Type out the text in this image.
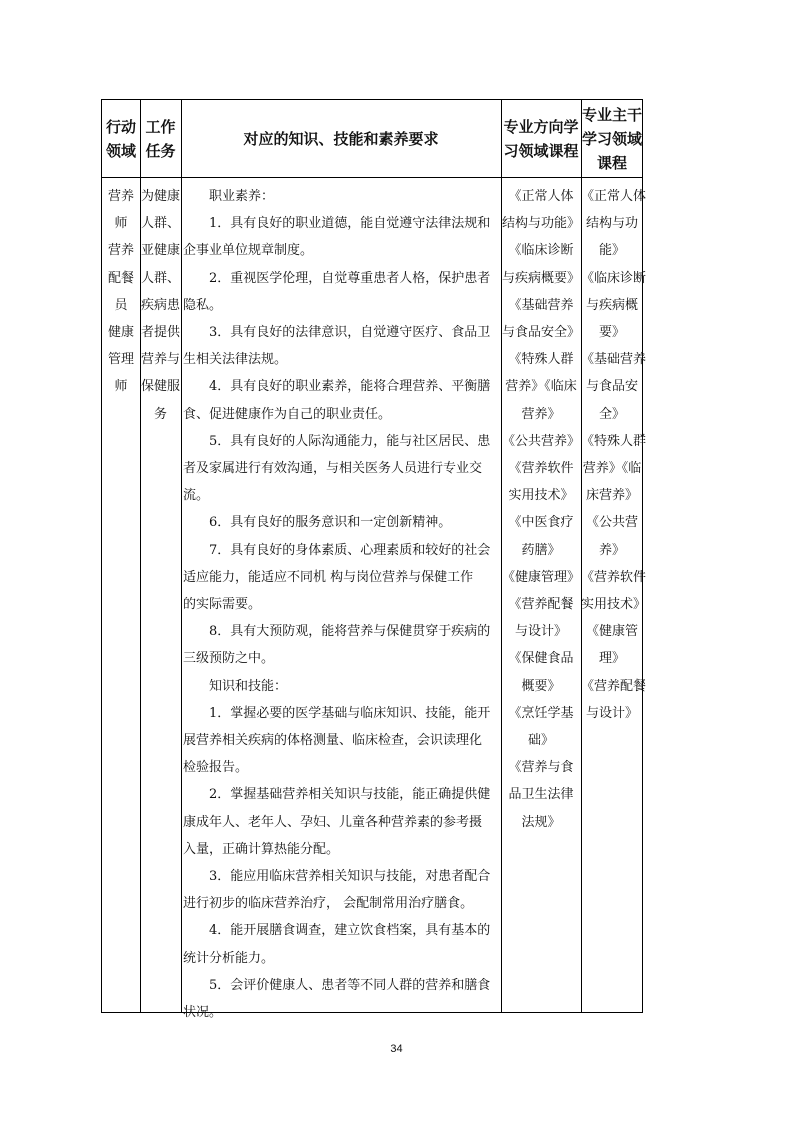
行动
领域
工作
任务
对应的知识、技能和素养要求
专业方向学
习领域课程
专业主干
学习领域
课程
营养
师
营养
配餐
员
健康
管理
师
为健康
人群、
亚健康
人群、
疾病患
者提供
营养与
保健服
务
职业素养：
1．具有良好的职业道德，能自觉遵守法律法规和
企事业单位规章制度。
2．重视医学伦理，自觉尊重患者人格，保护患者
隐私。
3．具有良好的法律意识，自觉遵守医疗、食品卫
生相关法律法规。
4．具有良好的职业素养，能将合理营养、平衡膳
食、促进健康作为自己的职业责任。
5．具有良好的人际沟通能力，能与社区居民、患
者及家属进行有效沟通，与相关医务人员进行专业交
流。
6．具有良好的服务意识和一定创新精神。
7．具有良好的身体素质、心理素质和较好的社会
适应能力，能适应不同机 构与岗位营养与保健工作
的实际需要。
8．具有大预防观，能将营养与保健贯穿于疾病的
三级预防之中。
知识和技能：
1．掌握必要的医学基础与临床知识、技能，能开
展营养相关疾病的体格测量、临床检查，会识读理化
检验报告。
2．掌握基础营养相关知识与技能，能正确提供健
康成年人、老年人、孕妇、儿童各种营养素的参考摄
入量，正确计算热能分配。
3．能应用临床营养相关知识与技能，对患者配合
进行初步的临床营养治疗， 会配制常用治疗膳食。
4．能开展膳食调查，建立饮食档案，具有基本的
统计分析能力。
5．会评价健康人、患者等不同人群的营养和膳食
状况。
《正常人体
结构与功能》
《临床诊断
与疾病概要》
《基础营养
与食品安全》
《特殊人群
营养》《临床
营养》
《公共营养》
《营养软件
实用技术》
《中医食疗
药膳》
《健康管理》
《营养配餐
与设计》
《保健食品
概要》
《烹饪学基
础》
《营养与食
品卫生法律
法规》
《正常人体
结构与功
能》
《临床诊断
与疾病概
要》
《基础营养
与食品安
全》
《特殊人群
营养》《临
床营养》
《公共营
养》
《营养软件
实用技术》
《健康管
理》
《营养配餐
与设计》
34
